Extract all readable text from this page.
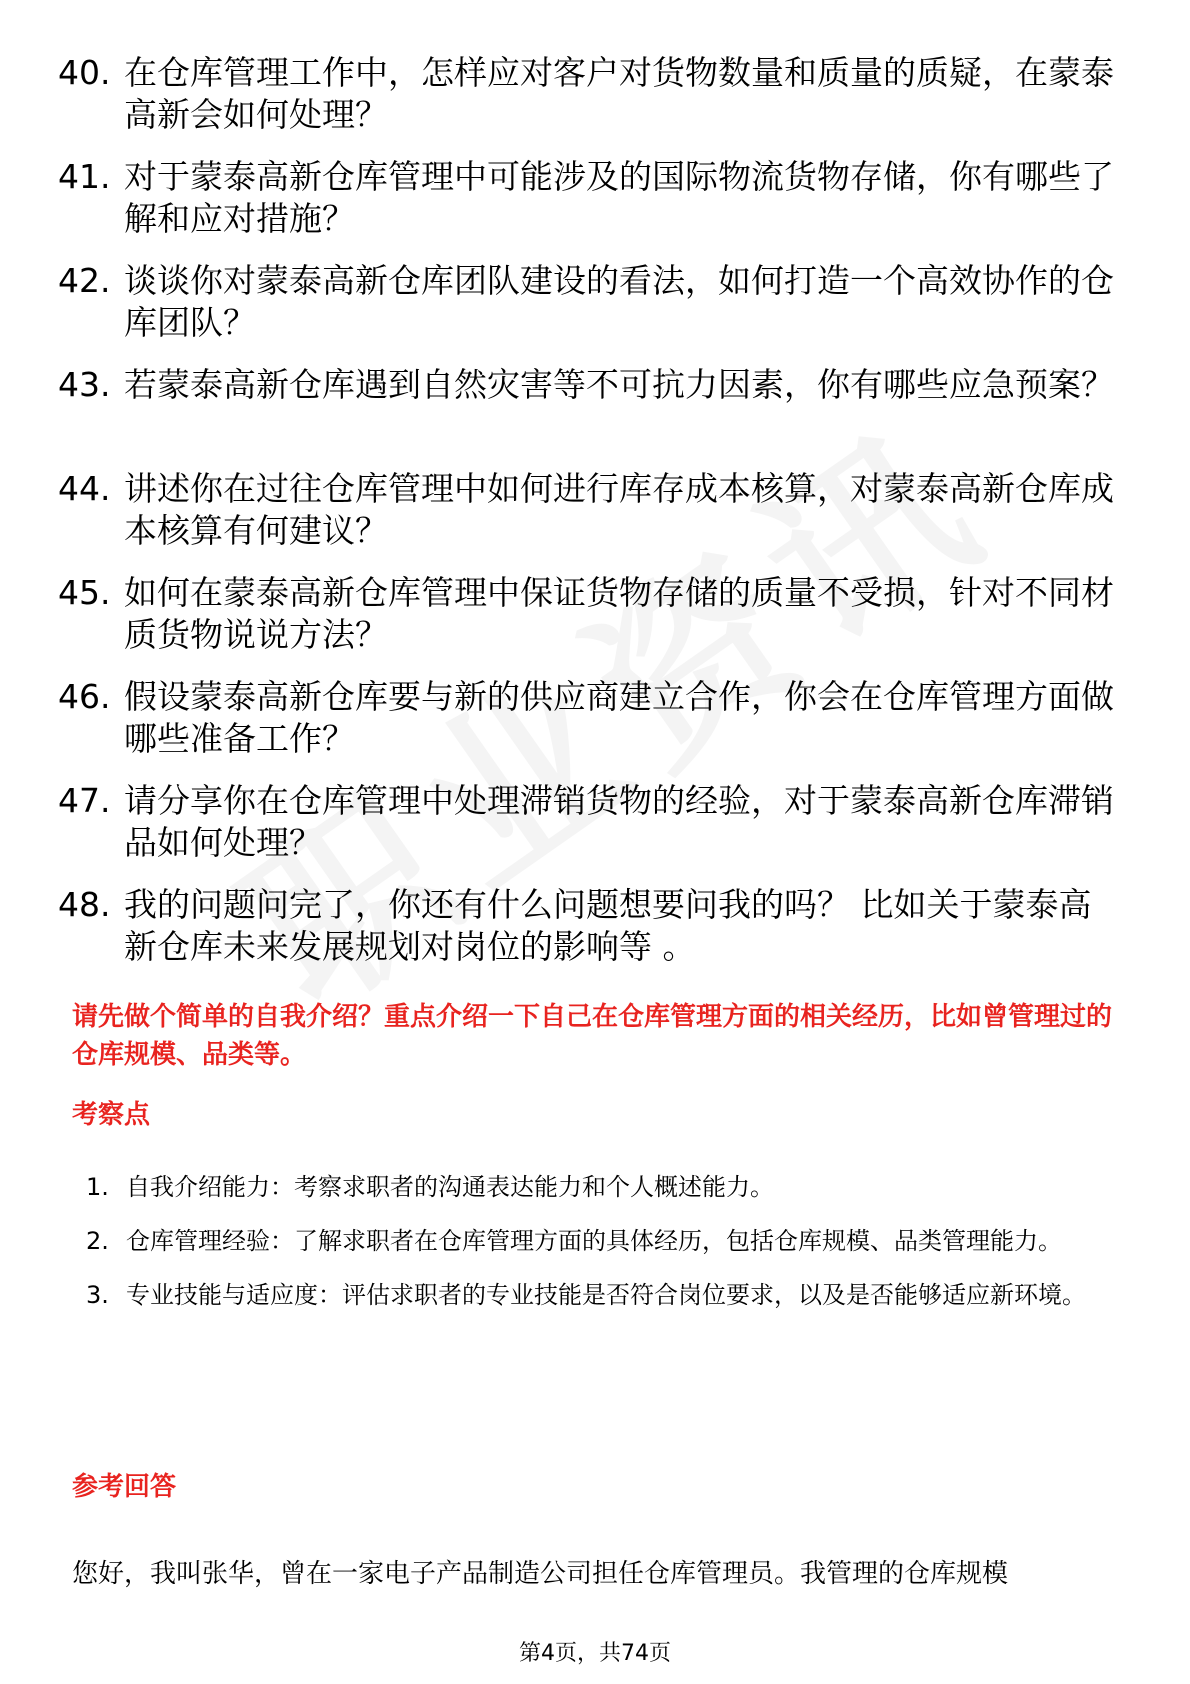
40. 在仓库管理工作中，怎样应对客户对货物数量和质量的质疑，在蒙泰高新会如何处理？
41. 对于蒙泰高新仓库管理中可能涉及的国际物流货物存储，你有哪些了解和应对措施？
42. 谈谈你对蒙泰高新仓库团队建设的看法，如何打造一个高效协作的仓库团队？
43. 若蒙泰高新仓库遇到自然灾害等不可抗力因素，你有哪些应急预案？
44. 讲述你在过往仓库管理中如何进行库存成本核算，对蒙泰高新仓库成本核算有何建议？
45. 如何在蒙泰高新仓库管理中保证货物存储的质量不受损，针对不同材质货物说说方法？
46. 假设蒙泰高新仓库要与新的供应商建立合作，你会在仓库管理方面做哪些准备工作？
47. 请分享你在仓库管理中处理滞销货物的经验，对于蒙泰高新仓库滞销品如何处理？
48. 我的问题问完了，你还有什么问题想要问我的吗？ 比如关于蒙泰高新仓库未来发展规划对岗位的影响等 。
请先做个简单的自我介绍？重点介绍一下自己在仓库管理方面的相关经历，比如曾管理过的仓库规模、品类等。
考察点
1. 自我介绍能力：考察求职者的沟通表达能力和个人概述能力。
2. 仓库管理经验：了解求职者在仓库管理方面的具体经历，包括仓库规模、品类管理能力。
3. 专业技能与适应度：评估求职者的专业技能是否符合岗位要求，以及是否能够适应新环境。
参考回答
您好，我叫张华，曾在一家电子产品制造公司担任仓库管理员。我管理的仓库规模
第4页，共74页
